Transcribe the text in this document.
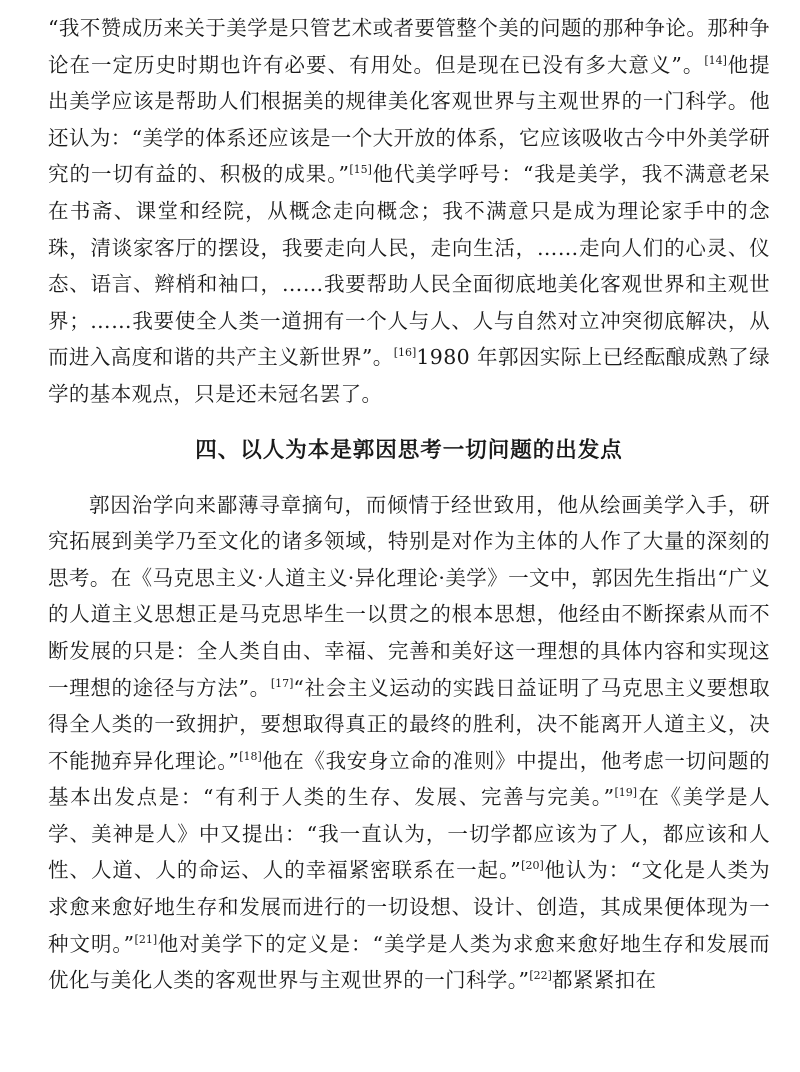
“我不赞成历来关于美学是只管艺术或者要管整个美的问题的那种争论。那种争论在一定历史时期也许有必要、有用处。但是现在已没有多大意义”。[14]他提出美学应该是帮助人们根据美的规律美化客观世界与主观世界的一门科学。他还认为：“美学的体系还应该是一个大开放的体系，它应该吸收古今中外美学研究的一切有益的、积极的成果。”[15]他代美学呼号：“我是美学，我不满意老呆在书斋、课堂和经院，从概念走向概念；我不满意只是成为理论家手中的念珠，清谈家客厅的摆设，我要走向人民，走向生活，……走向人们的心灵、仪态、语言、辫梢和袖口，……我要帮助人民全面彻底地美化客观世界和主观世界；……我要使全人类一道拥有一个人与人、人与自然对立冲突彻底解决，从而进入高度和谐的共产主义新世界”。[16]1980 年郭因实际上已经酝酿成熟了绿学的基本观点，只是还未冠名罢了。

四、以人为本是郭因思考一切问题的出发点

郭因治学向来鄙薄寻章摘句，而倾情于经世致用，他从绘画美学入手，研究拓展到美学乃至文化的诸多领域，特别是对作为主体的人作了大量的深刻的思考。在《马克思主义·人道主义·异化理论·美学》一文中，郭因先生指出“广义的人道主义思想正是马克思毕生一以贯之的根本思想，他经由不断探索从而不断发展的只是：全人类自由、幸福、完善和美好这一理想的具体内容和实现这一理想的途径与方法”。[17]“社会主义运动的实践日益证明了马克思主义要想取得全人类的一致拥护，要想取得真正的最终的胜利，决不能离开人道主义，决不能抛弃异化理论。”[18]他在《我安身立命的准则》中提出，他考虑一切问题的基本出发点是：“有利于人类的生存、发展、完善与完美。”[19]在《美学是人学、美神是人》中又提出：“我一直认为，一切学都应该为了人，都应该和人性、人道、人的命运、人的幸福紧密联系在一起。”[20]他认为：“文化是人类为求愈来愈好地生存和发展而进行的一切设想、设计、创造，其成果便体现为一种文明。”[21]他对美学下的定义是：“美学是人类为求愈来愈好地生存和发展而优化与美化人类的客观世界与主观世界的一门科学。”[22]都紧紧扣在
